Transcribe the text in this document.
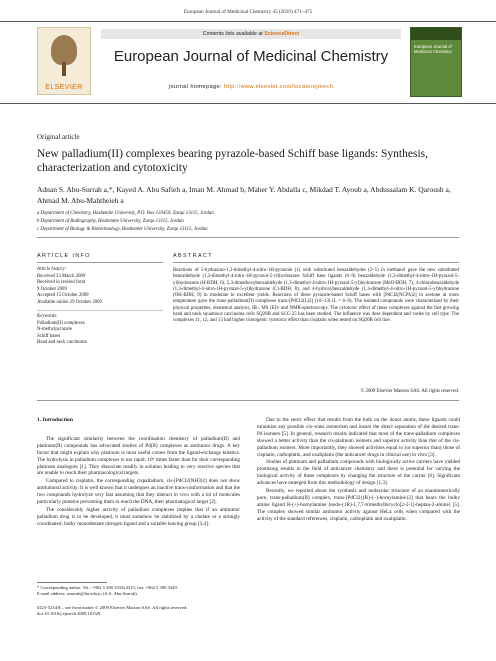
European Journal of Medicinal Chemistry 45 (2010) 471–475
ELSEVIER
Contents lists available at ScienceDirect
European Journal of Medicinal Chemistry
journal homepage: http://www.elsevier.com/locate/ejmech
European Journal of Medicinal Chemistry
Original article
New palladium(II) complexes bearing pyrazole-based Schiff base ligands: Synthesis, characterization and cytotoxicity
Adnan S. Abu-Surrah a,*, Kayed A. Abu Safieh a, Iman M. Ahmad b, Maher Y. Abdalla c, Mikdad T. Ayoub a, Abdussalam K. Qaroush a, Ahmad M. Abu-Mahtheieh a
a Department of Chemistry, Hashemite University, P.O. Box 150459, Zarqa 13115, Jordan
b Department of Radiography, Hashemite University, Zarqa 13115, Jordan
c Department of Biology & Biotechnology, Hashemite University, Zarqa 13115, Jordan
ARTICLE INFO	ABSTRACT
Article history:
Received 23 March 2009
Received in revised form
9 October 2009
Accepted 15 October 2009
Available online 29 October 2009
Keywords:
Palladium(II) complexes
N-methylpyrazole
Schiff bases
Head and neck carcinoma
Reactions of 5-hydrazino-1,3-dimethyl-4-nitro-1H-pyrazole (1) with substituted benzaldehydes (2–5) in methanol gave the new substituted benzaldehyde (1,3-dimethyl-4-nitro-1H-pyrazol-5-yl)hydrazone Schiff base ligands (6–9) benzaldehyde (1,3-dimethyl-4-nitro-1H-pyrazol-5-yl)hydrazone (H-BDH, 6), 2,3-dimethoxybenzaldehyde (1,3-dimethyl-4-nitro-1H-pyrazol-5-yl)hydrazone (MeO-BDH, 7), 4-chlorobenzaldehyde (1,3-dimethyl-4-nitro-1H-pyrazol-5-yl)hydrazone (Cl-BDH, 8), and 4-hydroxybenzaldehyde (1,3-dimethyl-4-nitro-1H-pyrazol-5-yl)hydrazone (OH-BDH, 9) in moderate to excellent yields. Reactions of these pyrazole-based Schiff bases with [PdCl2(NCPh)2] in acetone at room temperature gave the trans-palladium(II) complexes trans-[PdCl2(L)2] (10–13) (L = 6–9). The isolated compounds were characterized by their physical properties, elemental analysis, IR-, MS (EI)- and NMR-spectroscopy. The cytotoxic effect of these complexes against the fast growing head and neck squamous carcinoma cells SQ20B and SCC-25 has been studied. The influence was dose dependent and varies by cell type. The complexes 11, 12, and 13 had higher clonogenic cytotoxic effect than cisplatin when tested on SQ20B cell line.
© 2009 Elsevier Masson SAS. All rights reserved.
1. Introduction

The significant similarity between the coordination chemistry of palladium(II) and platinum(II) compounds has advocated studies of Pd(II) complexes as antitumor drugs. A key factor that might explain why platinum is most useful comes from the ligand-exchange kinetics. The hydrolysis in palladium complexes is too rapid: 10⁵ times faster than for their corresponding platinum analogues [1]. They dissociate readily in solution leading to very reactive species that are unable to reach their pharmacological targets.

Compared to cisplatin, the corresponding cispalladium, cis-[PdCl2(NH3)2] does not show antitumoral activity. It is well known that it undergoes an inactive trans-conformation and that the two compounds hydrolyze very fast assuming that they interact in vivo with a lot of molecules particularly proteins preventing them to reach the DNA, their pharmalogical target [2].

The considerably higher activity of palladium complexes implies that if an antitumor palladium drug is to be developed, it must somehow be stabilized by a chelate or a strongly coordinated, bulky monodentate nitrogen ligand and a suitable leaving group [3,4].

Due to the steric effect that results from the bulk on the donor atoms, these ligands could minimize any possible cis–trans isomerism and insure the direct separation of the desired trans-Pd isomers [5]. In general, research results indicated that most of the trans-palladium complexes showed a better activity than the cis-platinum isomers and superior activity than that of the cis-palladium isomers. More importantly, they showed activities equal to (or superior than) those of cisplatin, carboplatin, and oxaliplatin (the anticancer drugs in clinical use) in vitro [3].

Studies of platinum and palladium compounds with biologically active carriers have yielded promising results in the field of anticancer chemistry and there is potential for varying the biological activity of these complexes by changing the structure of the carrier [6]. Significant advances have emerged from this methodology of design [1,3].

Recently, we reported about the synthesis and molecular structure of an enantiomerically pure, trans-palladium(II) complex, trans-[PdCl2{(R)-(−)-bornylamine}2] that bears the bulky amine ligand R-(+)-bornylamine (endo-(1R)-1,7,7-trimethylbicyclo[2-2-1]-heptan-2-amine) [5]. The complex showed similar antitumor activity against HeLa cells when compared with the activity of the standard references, cisplatin, carboplatin and oxaliplatin.

* Corresponding author. Tel.: +962 5 390 3333x4315; fax: +962 5 390 3349.
E-mail address: asurrah@hu.edu.jo (A.S. Abu-Surrah).
0223-5234/$ – see front matter © 2009 Elsevier Masson SAS. All rights reserved.
doi:10.1016/j.ejmech.2009.10.029
